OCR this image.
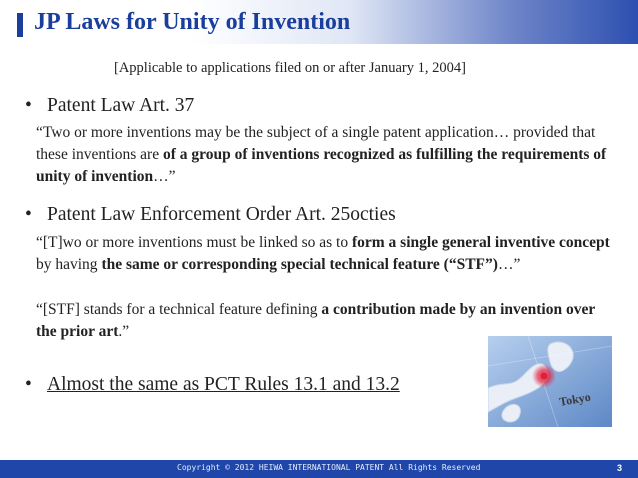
JP Laws for Unity of Invention
[Applicable to applications filed on or after January 1, 2004]
• Patent Law Art. 37
“Two or more inventions may be the subject of a single patent application… provided that these inventions are of a group of inventions recognized as fulfilling the requirements of unity of invention…”
• Patent Law Enforcement Order Art. 25octies
“[T]wo or more inventions must be linked so as to form a single general inventive concept by having the same or corresponding special technical feature (“STF”)…”
“[STF] stands for a technical feature defining a contribution made by an invention over the prior art.”
• Almost the same as PCT Rules 13.1 and 13.2
Tokyo
Copyright © 2012 HEIWA INTERNATIONAL PATENT All Rights Reserved	3
